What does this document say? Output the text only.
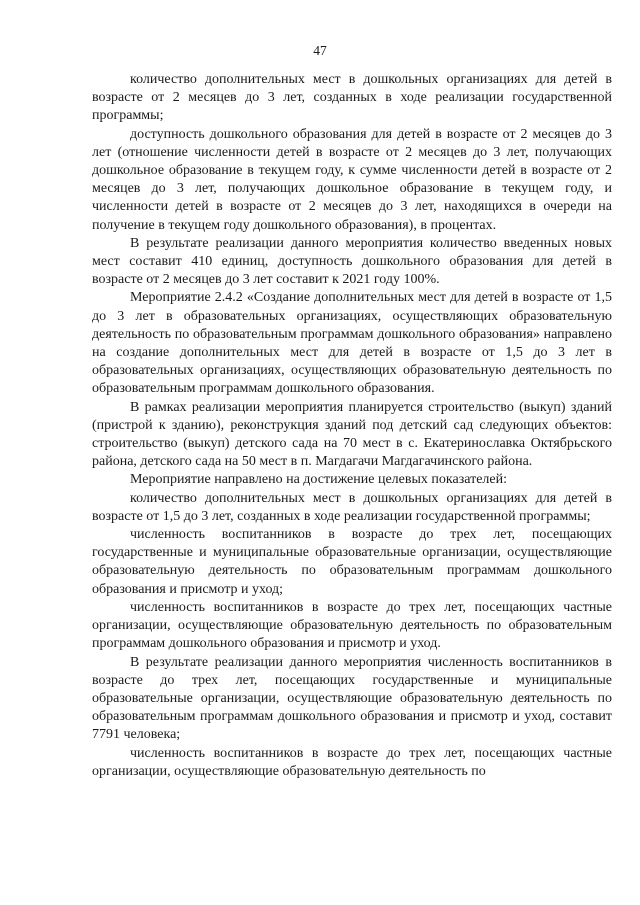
47

количество дополнительных мест в дошкольных организациях для детей в возрасте от 2 месяцев до 3 лет, созданных в ходе реализации государственной программы;

доступность дошкольного образования для детей в возрасте от 2 месяцев до 3 лет (отношение численности детей в возрасте от 2 месяцев до 3 лет, получающих дошкольное образование в текущем году, к сумме численности детей в возрасте от 2 месяцев до 3 лет, получающих дошкольное образование в текущем году, и численности детей в возрасте от 2 месяцев до 3 лет, находящихся в очереди на получение в текущем году дошкольного образования), в процентах.

В результате реализации данного мероприятия количество введенных новых мест составит 410 единиц, доступность дошкольного образования для детей в возрасте от 2 месяцев до 3 лет составит к 2021 году 100%.

Мероприятие 2.4.2 «Создание дополнительных мест для детей в возрасте от 1,5 до 3 лет в образовательных организациях, осуществляющих образовательную деятельность по образовательным программам дошкольного образования» направлено на создание дополнительных мест для детей в возрасте от 1,5 до 3 лет в образовательных организациях, осуществляющих образовательную деятельность по образовательным программам дошкольного образования.

В рамках реализации мероприятия планируется строительство (выкуп) зданий (пристрой к зданию), реконструкция зданий под детский сад следующих объектов: строительство (выкуп) детского сада на 70 мест в с. Екатеринославка Октябрьского района, детского сада на 50 мест в п. Магдагачи Магдагачинского района.

Мероприятие направлено на достижение целевых показателей:

количество дополнительных мест в дошкольных организациях для детей в возрасте от 1,5 до 3 лет, созданных в ходе реализации государственной программы;

численность воспитанников в возрасте до трех лет, посещающих государственные и муниципальные образовательные организации, осуществляющие образовательную деятельность по образовательным программам дошкольного образования и присмотр и уход;

численность воспитанников в возрасте до трех лет, посещающих частные организации, осуществляющие образовательную деятельность по образовательным программам дошкольного образования и присмотр и уход.

В результате реализации данного мероприятия численность воспитанников в возрасте до трех лет, посещающих государственные и муниципальные образовательные организации, осуществляющие образовательную деятельность по образовательным программам дошкольного образования и присмотр и уход, составит 7791 человека;

численность воспитанников в возрасте до трех лет, посещающих частные организации, осуществляющие образовательную деятельность по
